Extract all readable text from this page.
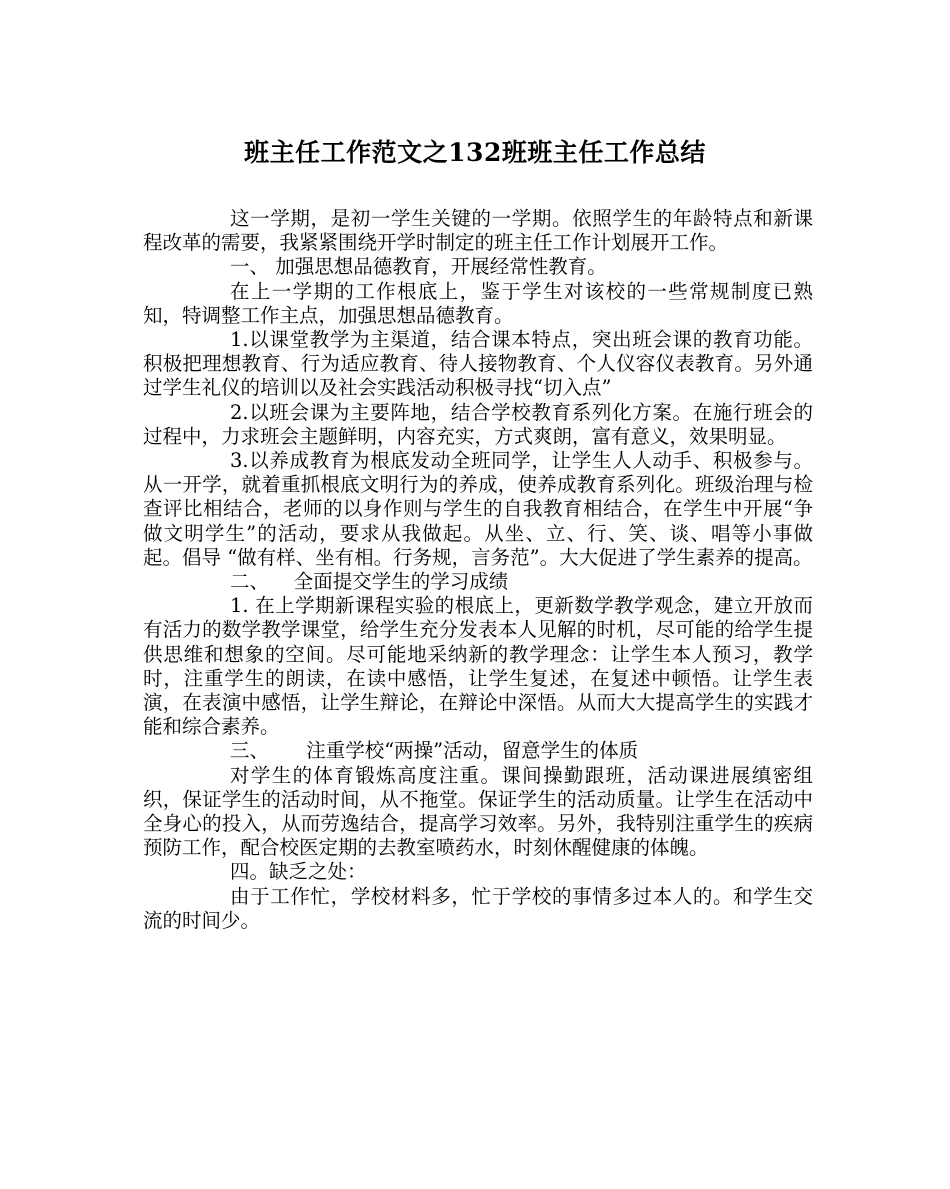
班主任工作范文之132班班主任工作总结

这一学期，是初一学生关键的一学期。依照学生的年龄特点和新课程改革的需要，我紧紧围绕开学时制定的班主任工作计划展开工作。

一、 加强思想品德教育，开展经常性教育。

在上一学期的工作根底上，鉴于学生对该校的一些常规制度已熟知，特调整工作主点，加强思想品德教育。

1.以课堂教学为主渠道，结合课本特点，突出班会课的教育功能。积极把理想教育、行为适应教育、待人接物教育、个人仪容仪表教育。另外通过学生礼仪的培训以及社会实践活动积极寻找“切入点”

2.以班会课为主要阵地，结合学校教育系列化方案。在施行班会的过程中，力求班会主题鲜明，内容充实，方式爽朗，富有意义，效果明显。

3.以养成教育为根底发动全班同学，让学生人人动手、积极参与。从一开学，就着重抓根底文明行为的养成，使养成教育系列化。班级治理与检查评比相结合，老师的以身作则与学生的自我教育相结合，在学生中开展“争做文明学生”的活动，要求从我做起。从坐、立、行、笑、谈、唱等小事做起。倡导 “做有样、坐有相。行务规，言务范”。大大促进了学生素养的提高。

二、    全面提交学生的学习成绩

1. 在上学期新课程实验的根底上，更新数学教学观念，建立开放而有活力的数学教学课堂，给学生充分发表本人见解的时机，尽可能的给学生提供思维和想象的空间。尽可能地采纳新的教学理念：让学生本人预习，教学时，注重学生的朗读，在读中感悟，让学生复述，在复述中顿悟。让学生表演，在表演中感悟，让学生辩论，在辩论中深悟。从而大大提高学生的实践才能和综合素养。

三、      注重学校“两操”活动，留意学生的体质

对学生的体育锻炼高度注重。课间操勤跟班，活动课进展缜密组织，保证学生的活动时间，从不拖堂。保证学生的活动质量。让学生在活动中全身心的投入，从而劳逸结合，提高学习效率。另外，我特别注重学生的疾病预防工作，配合校医定期的去教室喷药水，时刻休醒健康的体魄。

四。缺乏之处：

由于工作忙，学校材料多，忙于学校的事情多过本人的。和学生交流的时间少。
